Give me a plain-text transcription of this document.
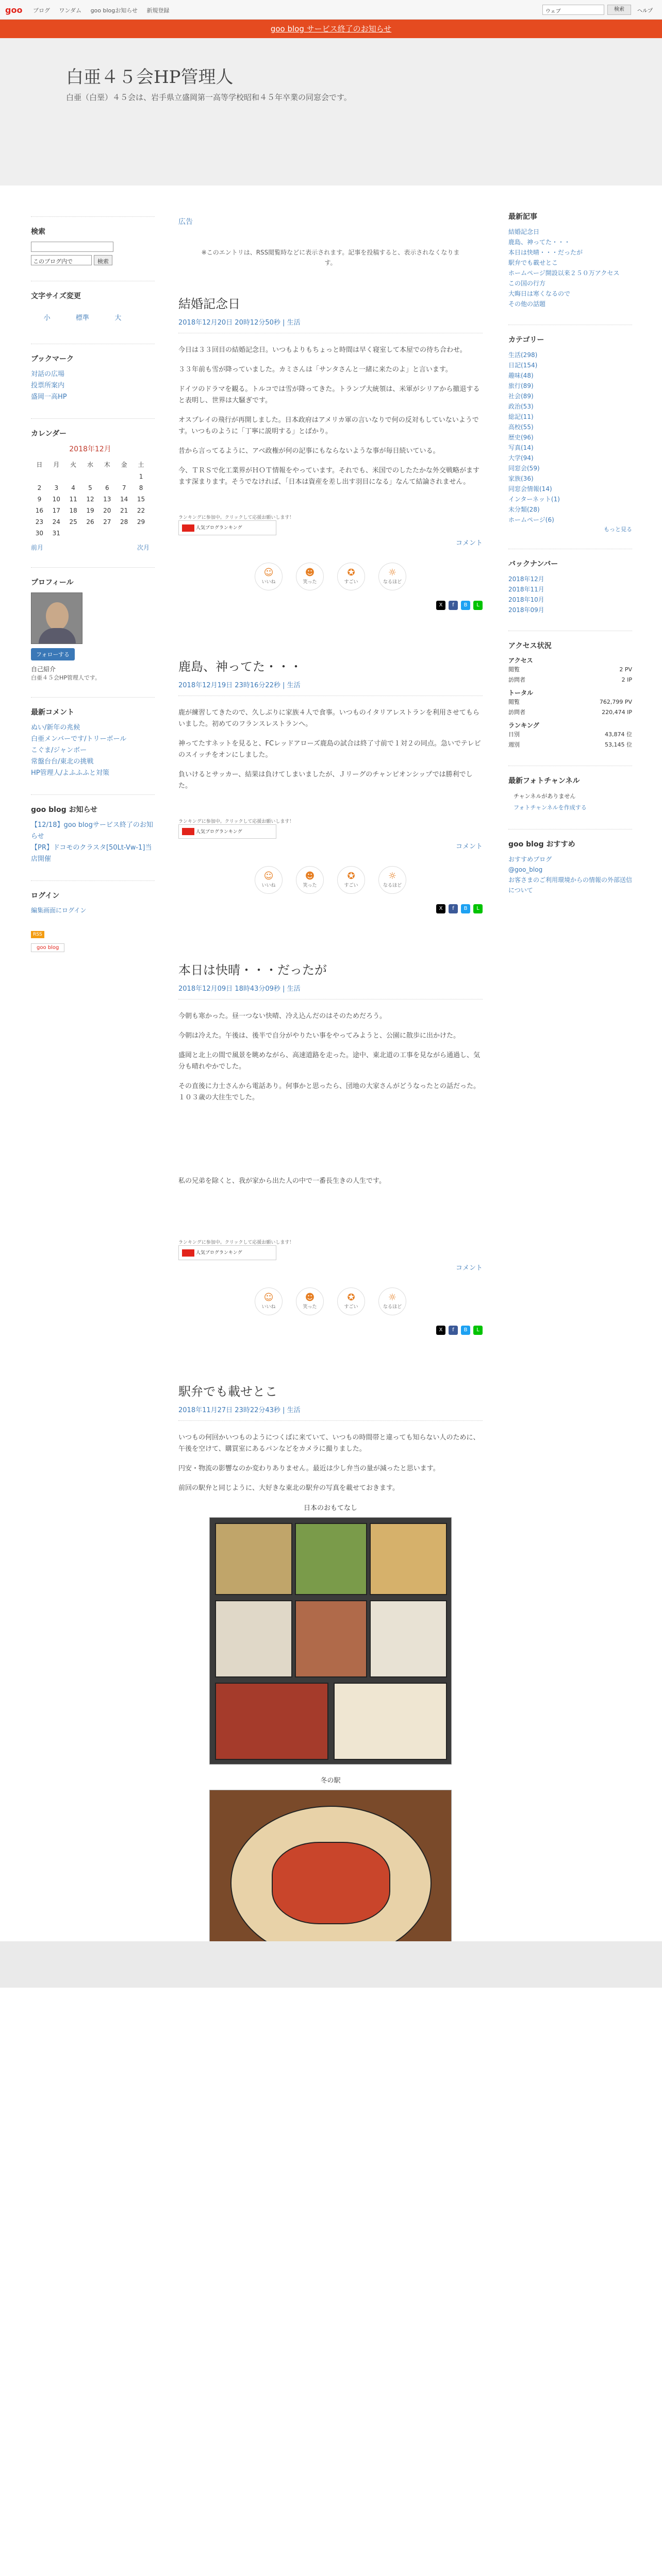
goo ブログ ワンダム goo blogお知らせ 新規登録	ウェブ	検索	ヘルプ
goo blog サービス終了のお知らせ
白亜４５会HP管理人
白亜（白堊）４５会は、岩手県立盛岡第一高等学校昭和４５年卒業の同窓会です。
検索
このブログ内で	検索
文字サイズ変更
小	標準	大
ブックマーク
対話の広場
投票所案内
盛岡一高HP
カレンダー
2018年12月
日	月	火	水	木	金	土
						1
2	3	4	5	6	7	8
9	10	11	12	13	14	15
16	17	18	19	20	21	22
23	24	25	26	27	28	29
30	31					
前月	次月
プロフィール
フォローする
自己紹介
白亜４５会HP管理人です。
最新コメント
ぬい/新年の兆候
白亜メンバーです/トリーボール
こぐま/ジャンボー
常盤台台/東北の挑戦
HP管理人/よふふふと対策
goo blog お知らせ
【12/18】goo blogサービス終了のお知らせ
【PR】ドコモのクラスタ[50Lt-Vw-1]当店開催
ログイン
編集画面にログイン
RSS
goo blog
広告
※このエントリは、RSS閲覧時などに表示されます。記事を投稿すると、表示されなくなります。
結婚記念日
2018年12月20日 20時12分50秒 | 生活

今日は３３回目の結婚記念日。いつもよりもちょっと時間は早く寝室して本屋での待ち合わせ。

３３年前も雪が降っていました。カミさんは「サンタさんと一緒に来たのよ」と言います。

ドイツのドラマを観る。トルコでは雪が降ってきた。トランプ大統領は、米軍がシリアから撤退すると表明し、世界は大騒ぎです。

オスプレイの飛行が再開しました。日本政府はアメリカ軍の言いなりで何の反対もしていないようです。いつものように「丁寧に説明する」とばかり。

昔から言ってるように、アベ政権が何の記事にもならないような事が毎日続いている。

今、ＴＲＳで化工業界がＨＯＴ情報をやっています。それでも、米国でのしたたかな外交戦略がますます深まります。そうでなければ、「日本は資産を差し出す羽目になる」なんて結論されません。

ランキングに参加中。クリックして応援お願いします！
人気ブログランキング
コメント
☺
いいね
☻
笑った
✪
すごい
☼
なるほど
X	f	B	L
鹿島、神ってた・・・
2018年12月19日 23時16分22秒 | 生活

鹿が練習してきたので、久しぶりに家族４人で食事。いつものイタリアレストランを利用させてもらいました。初めてのフランスレストランへ。

神ってたすネットを見ると、FCレッドアローズ鹿島の試合は終了寸前で１対２の同点。急いでテレビのスイッチをオンにしました。

負いけるとサッカー、結果は負けてしまいましたが、Ｊリーグのチャンピオンシップでは勝利でした。

ランキングに参加中。クリックして応援お願いします！
人気ブログランキング
コメント
☺
いいね
☻
笑った
✪
すごい
☼
なるほど
X	f	B	L
本日は快晴・・・だったが
2018年12月09日 18時43分09秒 | 生活

今朝も寒かった。昼一つない快晴、冷え込んだのはそのためだろう。

今朝は冷えた。午後は、後半で自分がやりたい事をやってみようと、公園に散歩に出かけた。

盛岡と北上の間で風景を眺めながら、高速道路を走った。途中、東北道の工事を見ながら通過し、気分も晴れやかでした。

その直後に力士さんから電話あり。何事かと思ったら、団地の大家さんがどうなったとの話だった。１０３歳の大往生でした。

私の兄弟を除くと、我が家から出た人の中で一番長生きの人生です。

ランキングに参加中。クリックして応援お願いします！
人気ブログランキング
コメント
☺
いいね
☻
笑った
✪
すごい
☼
なるほど
X	f	B	L
駅弁でも載せとこ
2018年11月27日 23時22分43秒 | 生活

いつもの何回かいつものようにつくばに来ていて、いつもの時間帯と違っても知らない人のために、午後を空けて、購買室にあるパンなどをカメラに撮りました。

円安・物流の影響なのか変わりありません。最近は少し弁当の量が減ったと思います。

前回の駅弁と同じように、大好きな東北の駅弁の写真を載せておきます。

日本のおもてなし
冬の駅
最新記事
結婚記念日
鹿島、神ってた・・・
本日は快晴・・・だったが
駅弁でも載せとこ
ホームページ開設以来２５０万アクセス
この国の行方
大晦日は寒くなるので
その他の話題
カテゴリー
生活(298)
日記(154)
趣味(48)
旅行(89)
社会(89)
政治(53)
総記(11)
高校(55)
歴史(96)
写真(14)
大学(94)
同窓会(59)
家族(36)
同窓会情報(14)
インターネット(1)
未分類(28)
ホームページ(6)
もっと見る
バックナンバー
2018年12月
2018年11月
2018年10月
2018年09月
アクセス状況
アクセス
閲覧	2 PV
訪問者	2 IP
トータル
閲覧	762,799 PV
訪問者	220,474 IP
ランキング
日別	43,874 位
週別	53,145 位
最新フォトチャンネル
チャンネルがありません
フォトチャンネルを作成する
goo blog おすすめ
おすすめブログ
@goo_blog
お客さまのご利用環境からの情報の外部送信について
